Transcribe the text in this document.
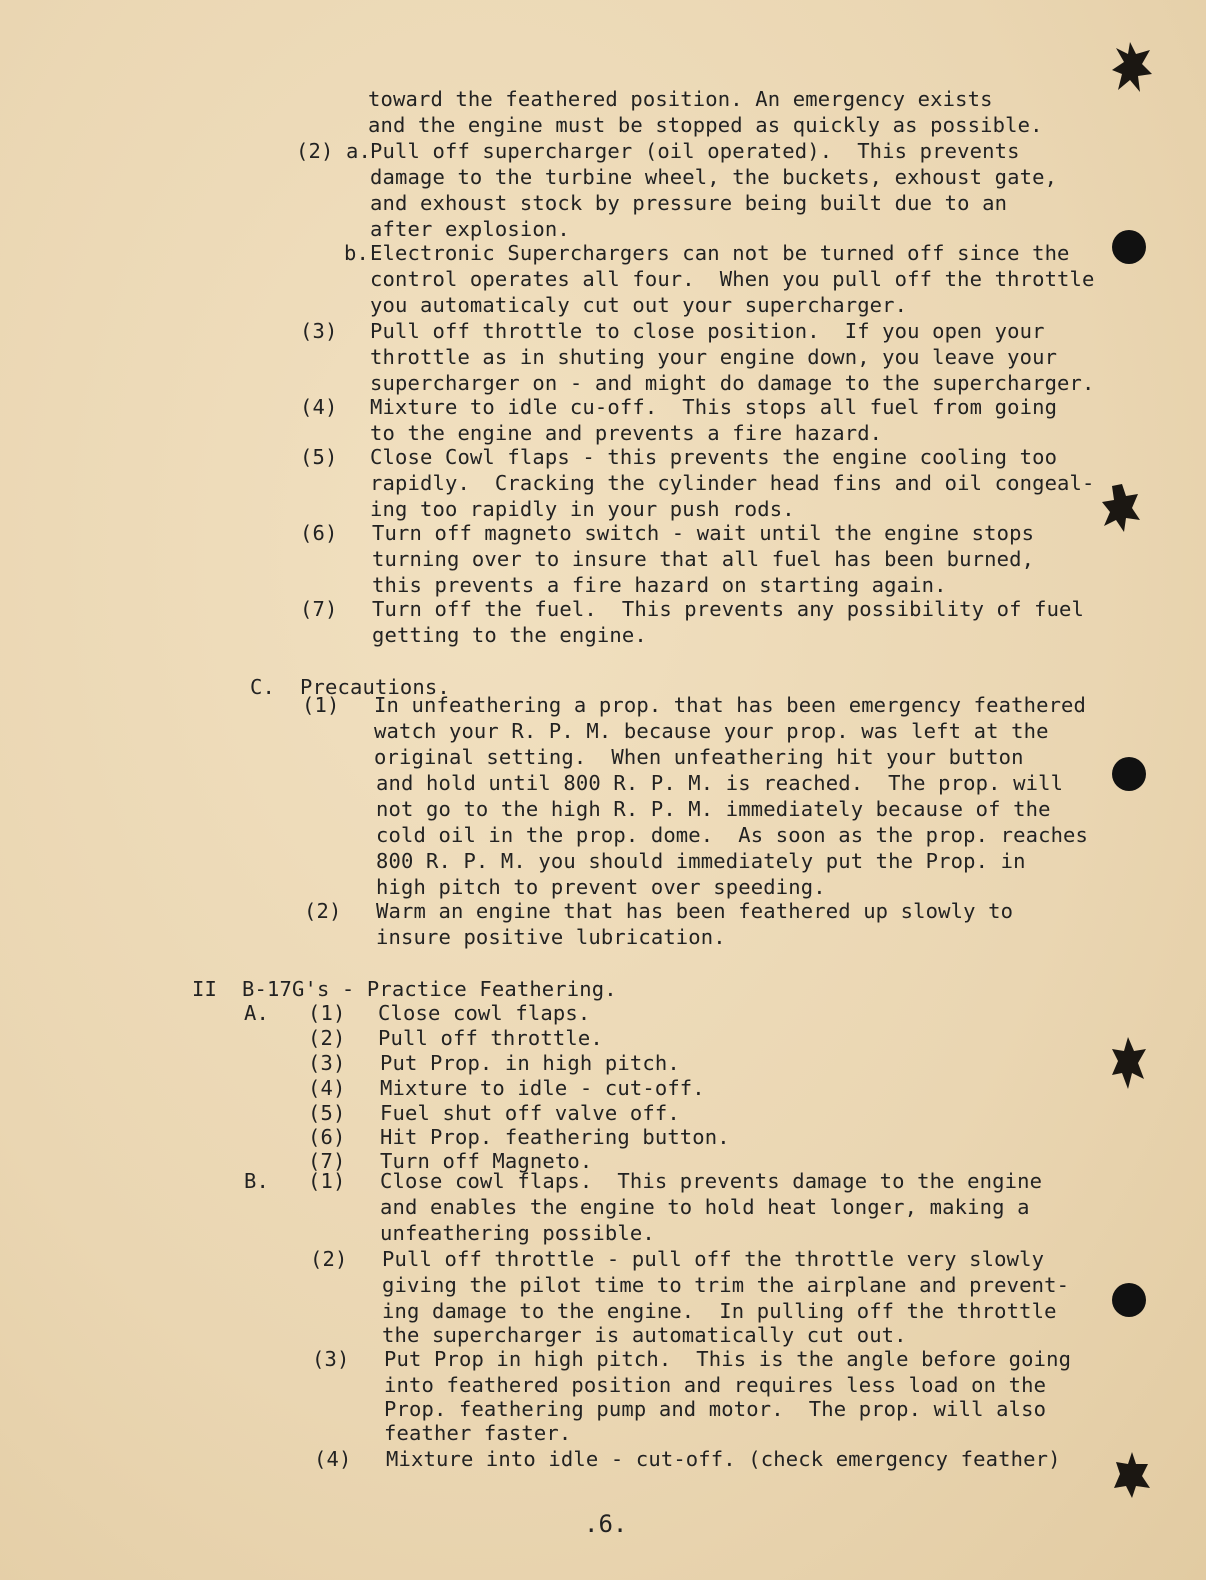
toward the feathered position. An emergency exists
and the engine must be stopped as quickly as possible.
(2) a. Pull off supercharger (oil operated).  This prevents
damage to the turbine wheel, the buckets, exhoust gate,
and exhoust stock by pressure being built due to an
after explosion.
b. Electronic Superchargers can not be turned off since the
control operates all four.  When you pull off the throttle
you automaticaly cut out your supercharger.
(3) Pull off throttle to close position.  If you open your
throttle as in shuting your engine down, you leave your
supercharger on - and might do damage to the supercharger.
(4) Mixture to idle cu-off.  This stops all fuel from going
to the engine and prevents a fire hazard.
(5) Close Cowl flaps - this prevents the engine cooling too
rapidly.  Cracking the cylinder head fins and oil congeal-
ing too rapidly in your push rods.
(6) Turn off magneto switch - wait until the engine stops
turning over to insure that all fuel has been burned,
this prevents a fire hazard on starting again.
(7) Turn off the fuel.  This prevents any possibility of fuel
getting to the engine.
C. Precautions.
(1) In unfeathering a prop. that has been emergency feathered
watch your R. P. M. because your prop. was left at the
original setting.  When unfeathering hit your button
and hold until 800 R. P. M. is reached.  The prop. will
not go to the high R. P. M. immediately because of the
cold oil in the prop. dome.  As soon as the prop. reaches
800 R. P. M. you should immediately put the Prop. in
high pitch to prevent over speeding.
(2) Warm an engine that has been feathered up slowly to
insure positive lubrication.
II B-17G's - Practice Feathering.
A. (1) Close cowl flaps.
(2) Pull off throttle.
(3) Put Prop. in high pitch.
(4) Mixture to idle - cut-off.
(5) Fuel shut off valve off.
(6) Hit Prop. feathering button.
(7) Turn off Magneto.
B. (1) Close cowl flaps.  This prevents damage to the engine
and enables the engine to hold heat longer, making a
unfeathering possible.
(2) Pull off throttle - pull off the throttle very slowly
giving the pilot time to trim the airplane and prevent-
ing damage to the engine.  In pulling off the throttle
the supercharger is automatically cut out.
(3) Put Prop in high pitch.  This is the angle before going
into feathered position and requires less load on the
Prop. feathering pump and motor.  The prop. will also
feather faster.
(4) Mixture into idle - cut-off. (check emergency feather)
.6.
